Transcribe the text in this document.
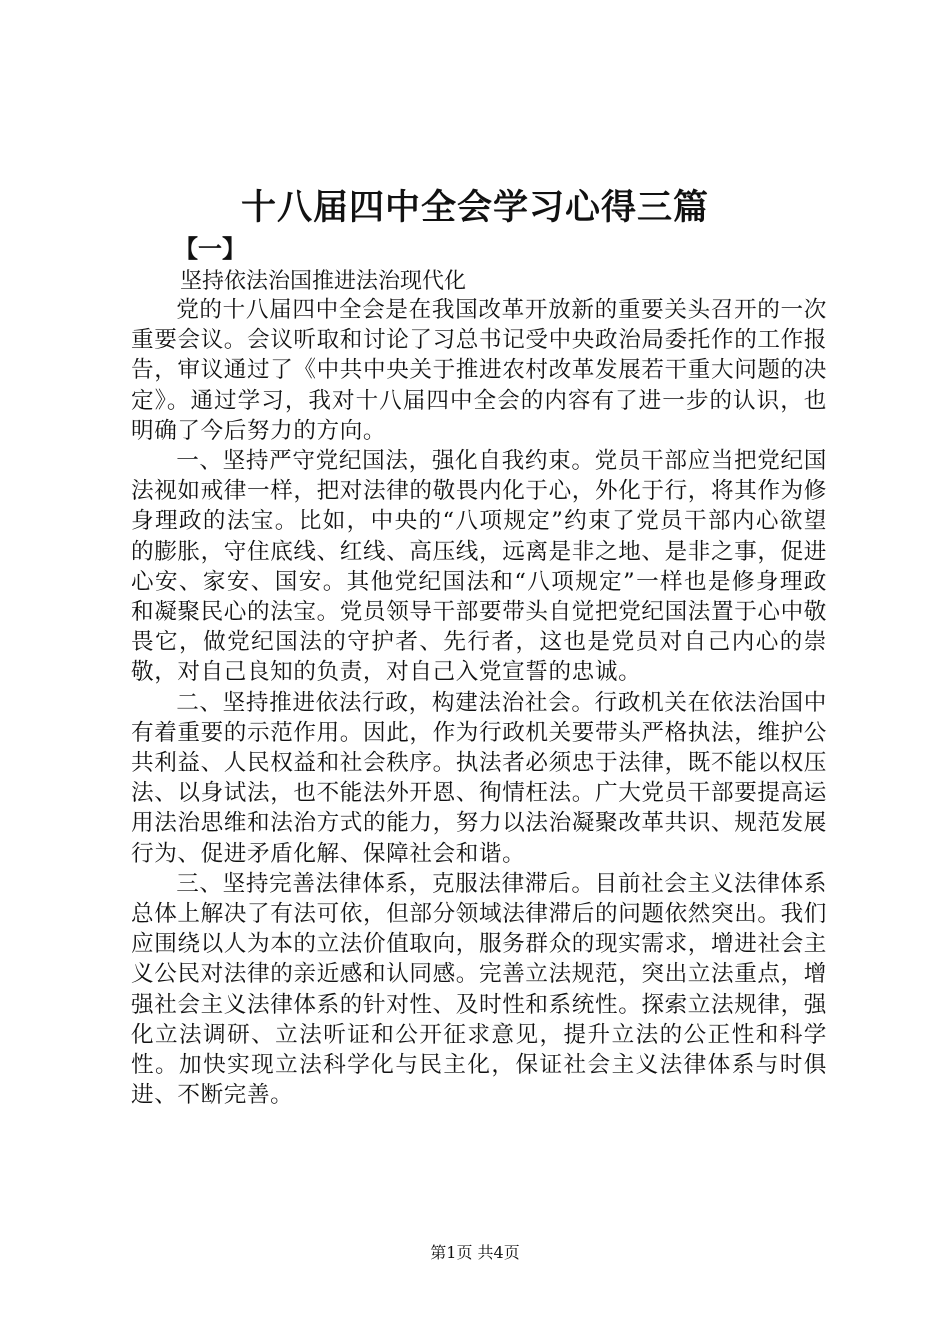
十八届四中全会学习心得三篇
【一】
坚持依法治国推进法治现代化

党的十八届四中全会是在我国改革开放新的重要关头召开的一次重要会议。会议听取和讨论了习总书记受中央政治局委托作的工作报告，审议通过了《中共中央关于推进农村改革发展若干重大问题的决定》。通过学习，我对十八届四中全会的内容有了进一步的认识，也明确了今后努力的方向。

一、坚持严守党纪国法，强化自我约束。党员干部应当把党纪国法视如戒律一样，把对法律的敬畏内化于心，外化于行，将其作为修身理政的法宝。比如，中央的“八项规定”约束了党员干部内心欲望的膨胀，守住底线、红线、高压线，远离是非之地、是非之事，促进心安、家安、国安。其他党纪国法和“八项规定”一样也是修身理政和凝聚民心的法宝。党员领导干部要带头自觉把党纪国法置于心中敬畏它，做党纪国法的守护者、先行者，这也是党员对自己内心的崇敬，对自己良知的负责，对自己入党宣誓的忠诚。

二、坚持推进依法行政，构建法治社会。行政机关在依法治国中有着重要的示范作用。因此，作为行政机关要带头严格执法，维护公共利益、人民权益和社会秩序。执法者必须忠于法律，既不能以权压法、以身试法，也不能法外开恩、徇情枉法。广大党员干部要提高运用法治思维和法治方式的能力，努力以法治凝聚改革共识、规范发展行为、促进矛盾化解、保障社会和谐。

三、坚持完善法律体系，克服法律滞后。目前社会主义法律体系总体上解决了有法可依，但部分领域法律滞后的问题依然突出。我们应围绕以人为本的立法价值取向，服务群众的现实需求，增进社会主义公民对法律的亲近感和认同感。完善立法规范，突出立法重点，增强社会主义法律体系的针对性、及时性和系统性。探索立法规律，强化立法调研、立法听证和公开征求意见，提升立法的公正性和科学性。加快实现立法科学化与民主化，保证社会主义法律体系与时俱进、不断完善。

第1页 共4页
